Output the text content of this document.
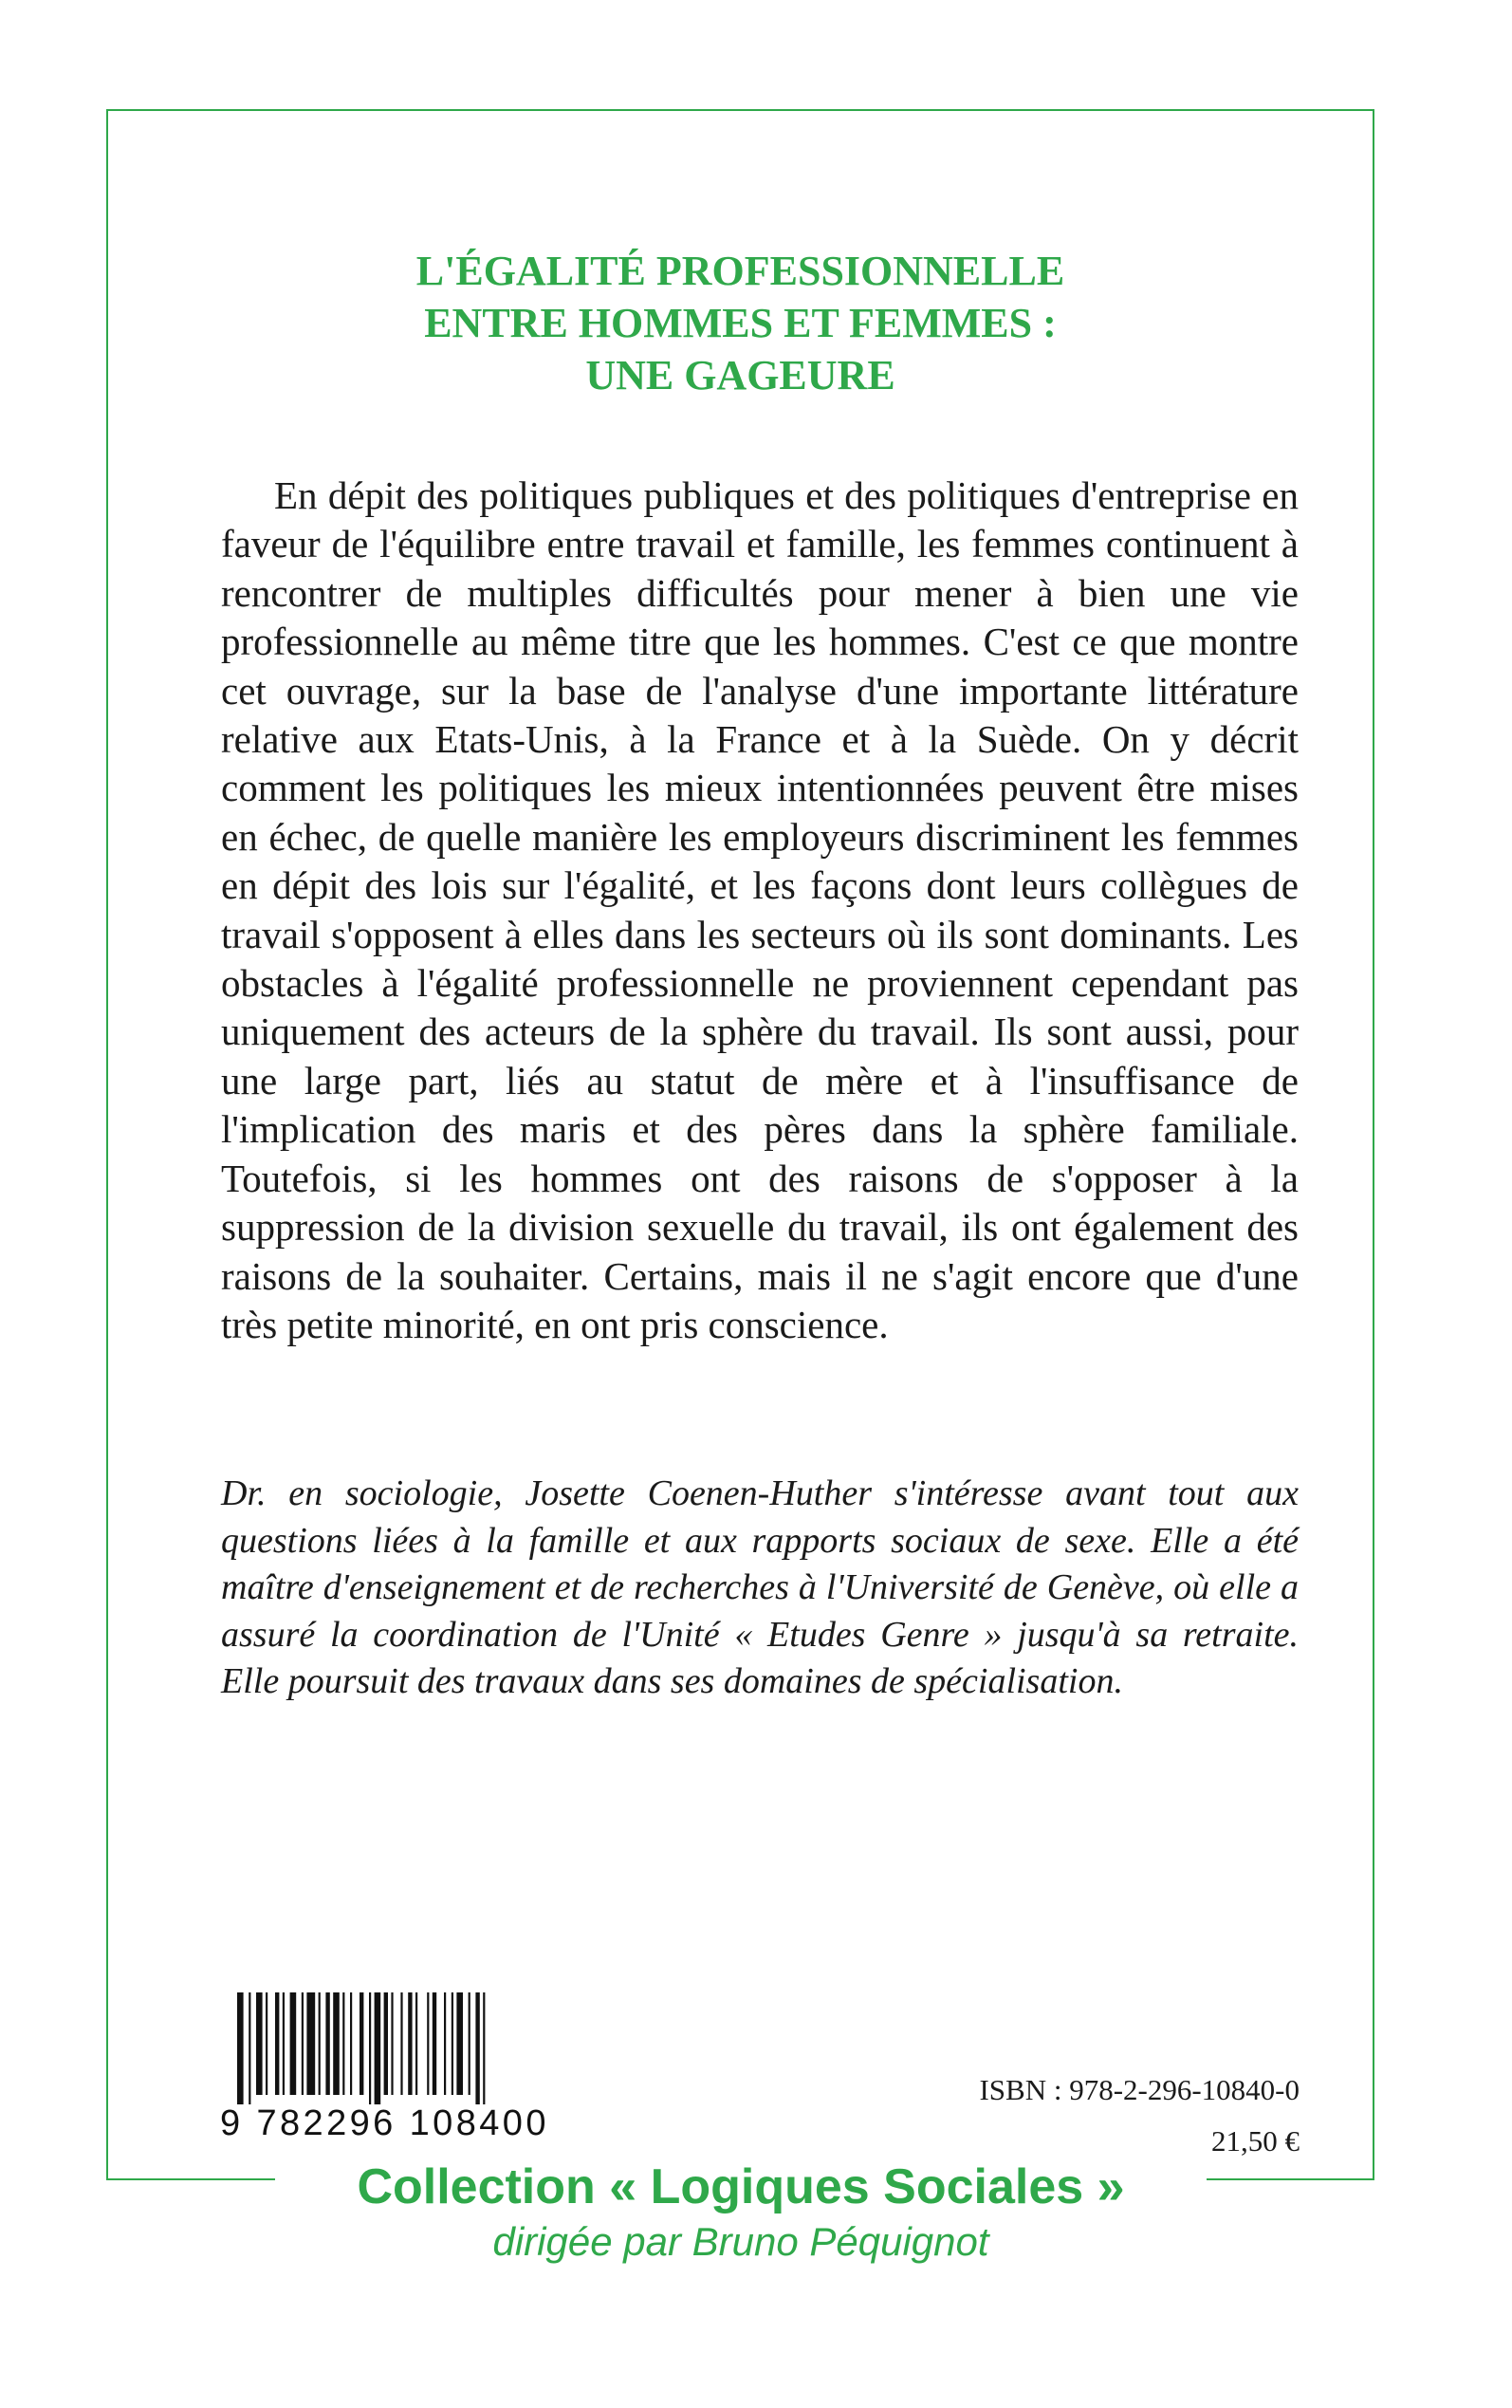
L'ÉGALITÉ PROFESSIONNELLE
ENTRE HOMMES ET FEMMES :
UNE GAGEURE

En dépit des politiques publiques et des politiques d'entreprise en faveur de l'équilibre entre travail et famille, les femmes continuent à rencontrer de multiples difficultés pour mener à bien une vie professionnelle au même titre que les hommes. C'est ce que montre cet ouvrage, sur la base de l'analyse d'une importante littérature relative aux Etats-Unis, à la France et à la Suède. On y décrit comment les politiques les mieux intentionnées peuvent être mises en échec, de quelle manière les employeurs discriminent les femmes en dépit des lois sur l'égalité, et les façons dont leurs collègues de travail s'opposent à elles dans les secteurs où ils sont dominants. Les obstacles à l'égalité professionnelle ne proviennent cependant pas uniquement des acteurs de la sphère du travail. Ils sont aussi, pour une large part, liés au statut de mère et à l'insuffisance de l'implication des maris et des pères dans la sphère familiale. Toutefois, si les hommes ont des raisons de s'opposer à la suppression de la division sexuelle du travail, ils ont également des raisons de la souhaiter. Certains, mais il ne s'agit encore que d'une très petite minorité, en ont pris conscience.

Dr. en sociologie, Josette Coenen-Huther s'intéresse avant tout aux questions liées à la famille et aux rapports sociaux de sexe. Elle a été maître d'enseignement et de recherches à l'Université de Genève, où elle a assuré la coordination de l'Unité « Etudes Genre » jusqu'à sa retraite. Elle poursuit des travaux dans ses domaines de spécialisation.

9 782296 108400
ISBN : 978-2-296-10840-0
21,50 €
Collection « Logiques Sociales »
dirigée par Bruno Péquignot
